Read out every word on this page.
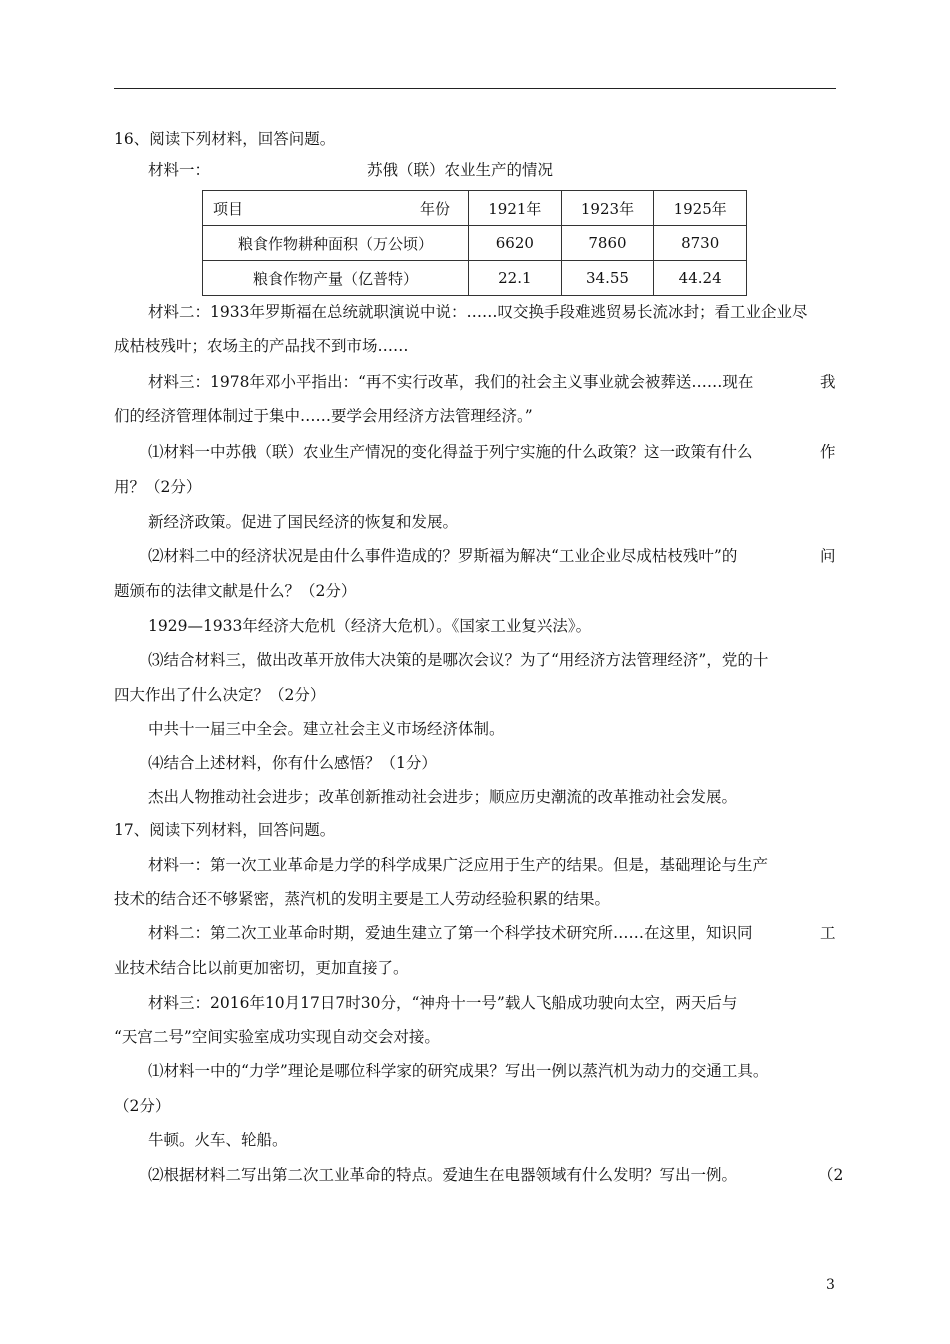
16、阅读下列材料，回答问题。
材料一：	苏俄（联）农业生产的情况
项目 年份	1921年	1923年	1925年
粮食作物耕种面积（万公顷）	6620	7860	8730
粮食作物产量（亿普特）	22.1	34.55	44.24
材料二：1933年罗斯福在总统就职演说中说：……叹交换手段难逃贸易长流冰封；看工业企业尽
成枯枝残叶；农场主的产品找不到市场……
材料三：1978年邓小平指出：“再不实行改革，我们的社会主义事业就会被葬送……现在	我
们的经济管理体制过于集中……要学会用经济方法管理经济。”
⑴材料一中苏俄（联）农业生产情况的变化得益于列宁实施的什么政策？这一政策有什么	作
用？（2分）
新经济政策。促进了国民经济的恢复和发展。
⑵材料二中的经济状况是由什么事件造成的？罗斯福为解决“工业企业尽成枯枝残叶”的	问
题颁布的法律文献是什么？（2分）
1929—1933年经济大危机（经济大危机）。《国家工业复兴法》。
⑶结合材料三，做出改革开放伟大决策的是哪次会议？为了“用经济方法管理经济”，党的十
四大作出了什么决定？（2分）
中共十一届三中全会。建立社会主义市场经济体制。
⑷结合上述材料，你有什么感悟？（1分）
杰出人物推动社会进步；改革创新推动社会进步；顺应历史潮流的改革推动社会发展。
17、阅读下列材料，回答问题。
材料一：第一次工业革命是力学的科学成果广泛应用于生产的结果。但是，基础理论与生产
技术的结合还不够紧密，蒸汽机的发明主要是工人劳动经验积累的结果。
材料二：第二次工业革命时期，爱迪生建立了第一个科学技术研究所……在这里，知识同	工
业技术结合比以前更加密切，更加直接了。
材料三：2016年10月17日7时30分，“神舟十一号”载人飞船成功驶向太空，两天后与
“天宫二号”空间实验室成功实现自动交会对接。
⑴材料一中的“力学”理论是哪位科学家的研究成果？写出一例以蒸汽机为动力的交通工具。
（2分）
牛顿。火车、轮船。
⑵根据材料二写出第二次工业革命的特点。爱迪生在电器领域有什么发明？写出一例。	（2
3
